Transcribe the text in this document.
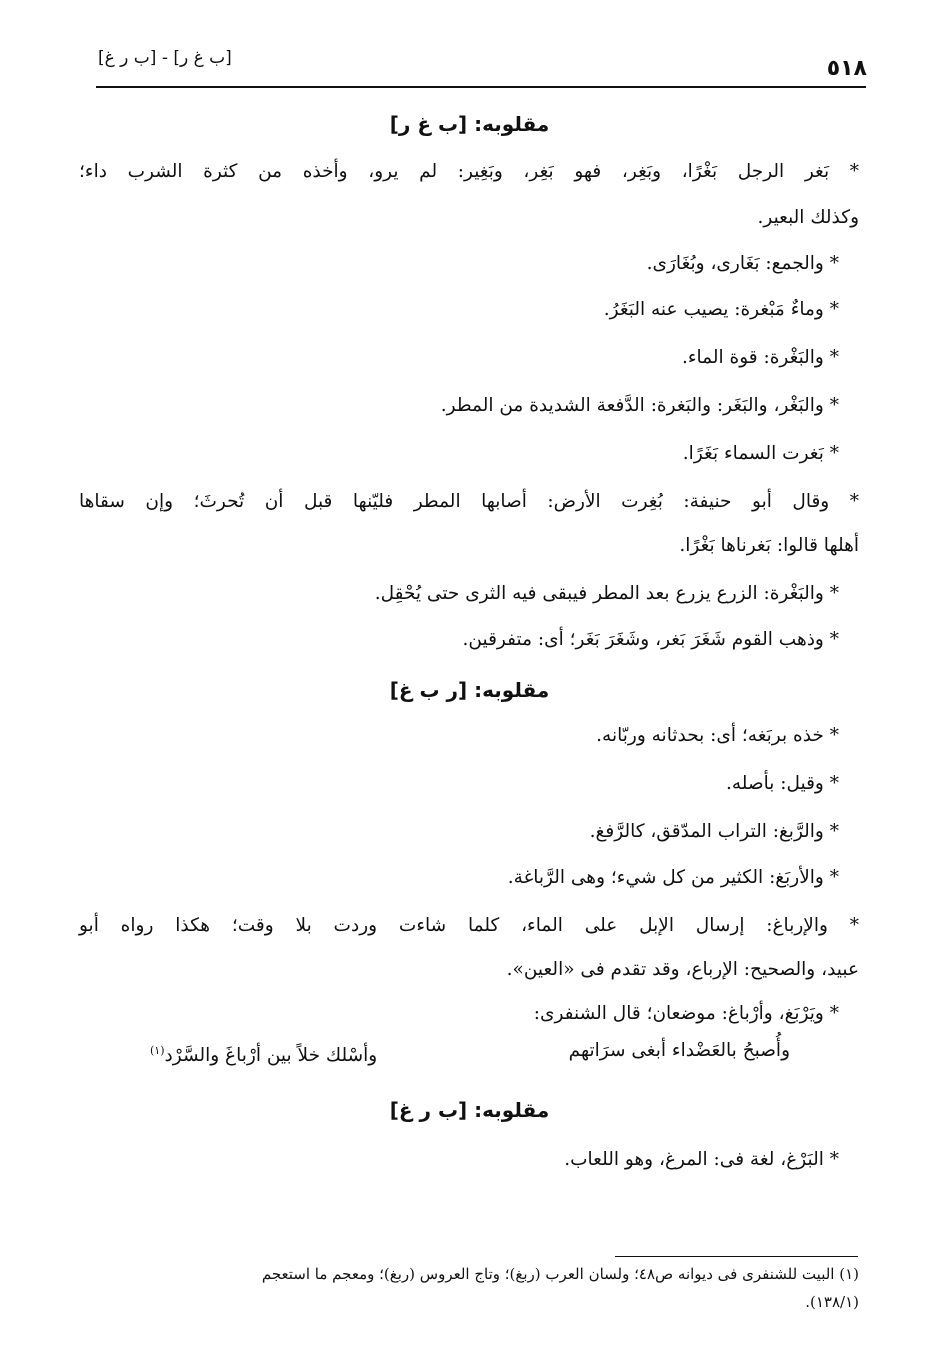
٥١٨
[ب غ ر] - [ب ر غ]
مقلوبه: [ب غ ر]
* بَغر الرجل بَغْرًا، وبَغِر، فهو بَغِر، وبَغِير: لم يرو، وأخذه من كثرة الشرب داء؛
وكذلك البعير.
* والجمع: بَغَارى، وبُغَارَى.
* وماءٌ مَبْغرة: يصيب عنه البَغَرُ.
* والبَغْرة: قوة الماء.
* والبَغْر، والبَغَر: والبَغرة: الدَّفعة الشديدة من المطر.
* بَغرت السماء بَغَرًا.
* وقال أبو حنيفة: بُغِرت الأرض: أصابها المطر فليّنها قبل أن تُحرثَ؛ وإن سقاها
أهلها قالوا: بَغرناها بَغْرًا.
* والبَغْرة: الزرع يزرع بعد المطر فيبقى فيه الثرى حتى يُحْقِل.
* وذهب القوم شَغَرَ بَغر، وشَغَرَ بَغَر؛ أى: متفرقين.
مقلوبه: [ر ب غ]
* خذه بربَغه؛ أى: بحدثانه وربّانه.
* وقيل: بأصله.
* والرَّبغ: التراب المدّقق، كالرَّفغ.
* والأربَغ: الكثير من كل شيء؛ وهى الرَّباغة.
* والإرباغ: إرسال الإبل على الماء، كلما شاءت وردت بلا وقت؛ هكذا رواه أبو
عبيد، والصحيح: الإرباع، وقد تقدم فى «العين».
* ويَرْبَغ، وأرْباغ: موضعان؛ قال الشنفرى:
وأُصبحُ بالعَضْداء أبغى سرَاتهم
وأسْلك خلاً بين أرْباغَ والسَّرْد$^{(١)}$
مقلوبه: [ب ر غ]
* البَرْغ، لغة فى: المرغ، وهو اللعاب.
(١) البيت للشنفرى فى ديوانه ص٤٨؛ ولسان العرب (ربغ)؛ وتاج العروس (ربغ)؛ ومعجم ما استعجم
(١٣٨/١).
